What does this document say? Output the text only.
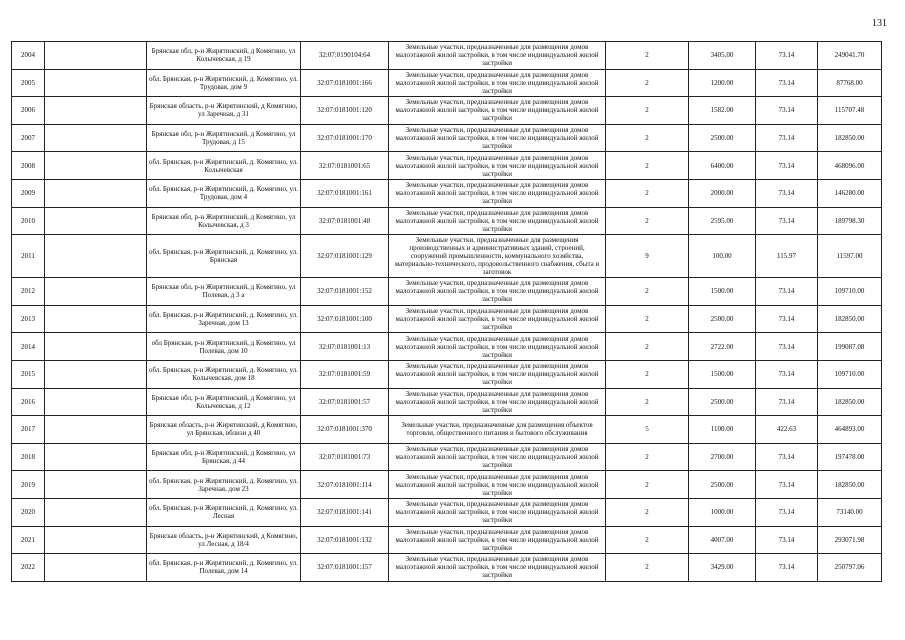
131
2004		Брянская обл, р-н Жирятинский, д Комягино, ул Колычевская, д 19	32:07:0190104:64	Земельные участки, предназначенные для размещения домов малоэтажной жилой застройки, в том числе индивидуальной жилой застройки	2	3405.00	73.14	249041.70
2005		обл. Брянская, р-н Жирятинский, д. Комягино, ул. Трудовая, дом 9	32:07:0181001:166	Земельные участки, предназначенные для размещения домов малоэтажной жилой застройки, в том числе индивидуальной жилой застройки	2	1200.00	73.14	87768.00
2006		Брянская область, р-н Жирятинский, д Комягино, ул Заречная, д 31	32:07:0181001:120	Земельные участки, предназначенные для размещения домов малоэтажной жилой застройки, в том числе индивидуальной жилой застройки	2	1582.00	73.14	115707.48
2007		Брянская обл, р-н Жирятинский, д Комягино, ул Трудовая, д 15	32:07:0181001:170	Земельные участки, предназначенные для размещения домов малоэтажной жилой застройки, в том числе индивидуальной жилой застройки	2	2500.00	73.14	182850.00
2008		обл. Брянская, р-н Жирятинский, д. Комягино, ул. Колычевская	32:07:0181001:65	Земельные участки, предназначенные для размещения домов малоэтажной жилой застройки, в том числе индивидуальной жилой застройки	2	6400.00	73.14	468096.00
2009		обл. Брянская, р-н Жирятинский, д. Комягино, ул. Трудовая, дом 4	32:07:0181001:161	Земельные участки, предназначенные для размещения домов малоэтажной жилой застройки, в том числе индивидуальной жилой застройки	2	2000.00	73.14	146280.00
2010		Брянская обл, р-н Жирятинский, д Комягино, ул Колычевская, д 3	32:07:0181001:48	Земельные участки, предназначенные для размещения домов малоэтажной жилой застройки, в том числе индивидуальной жилой застройки	2	2595.00	73.14	189798.30
2011		обл. Брянская, р-н Жирятинский, д. Комягино, ул. Брянская	32:07:0181001:129	Земельные участки, предназначенные для размещения производственных и административных зданий, строений, сооружений промышленности, коммунального хозяйства, материально-технического, продовольственного снабжения, сбыта и заготовок	9	100.00	115.97	11597.00
2012		Брянская обл, р-н Жирятинский, д Комягино, ул Полевая, д 3 а	32:07:0181001:152	Земельные участки, предназначенные для размещения домов малоэтажной жилой застройки, в том числе индивидуальной жилой застройки	2	1500.00	73.14	109710.00
2013		обл. Брянская, р-н Жирятинский, д. Комягино, ул. Заречная, дом 13	32:07:0181001:100	Земельные участки, предназначенные для размещения домов малоэтажной жилой застройки, в том числе индивидуальной жилой застройки	2	2500.00	73.14	182850.00
2014		обл Брянская, р-н Жирятинский, д Комягино, ул Полевая, дом 10	32:07:0181001:13	Земельные участки, предназначенные для размещения домов малоэтажной жилой застройки, в том числе индивидуальной жилой застройки	2	2722.00	73.14	199087.08
2015		обл. Брянская, р-н Жирятинский, д. Комягино, ул. Колычевская, дом 18	32:07:0181001:59	Земельные участки, предназначенные для размещения домов малоэтажной жилой застройки, в том числе индивидуальной жилой застройки	2	1500.00	73.14	109710.00
2016		Брянская обл, р-н Жирятинский, д Комягино, ул Колычевская, д 12	32:07:0181001:57	Земельные участки, предназначенные для размещения домов малоэтажной жилой застройки, в том числе индивидуальной жилой застройки	2	2500.00	73.14	182850.00
2017		Брянская область, р-н Жирятинский, д Комягино, ул Брянская, вблизи д 40	32:07:0181001:370	Земельные участки, предназначенные для размещения объектов торговли, общественного питания и бытового обслуживания	5	1100.00	422.63	464893.00
2018		Брянская обл, р-н Жирятинский, д Комягино, ул Брянская, д 44	32:07:0181001:73	Земельные участки, предназначенные для размещения домов малоэтажной жилой застройки, в том числе индивидуальной жилой застройки	2	2700.00	73.14	197478.00
2019		обл. Брянская, р-н Жирятинский, д. Комягино, ул. Заречная, дом 23	32:07:0181001:114	Земельные участки, предназначенные для размещения домов малоэтажной жилой застройки, в том числе индивидуальной жилой застройки	2	2500.00	73.14	182850.00
2020		обл. Брянская, р-н Жирятинский, д. Комягино, ул. Лесная	32:07:0181001:141	Земельные участки, предназначенные для размещения домов малоэтажной жилой застройки, в том числе индивидуальной жилой застройки	2	1000.00	73.14	73140.00
2021		Брянская область, р-н Жирятинский, д Комягино, ул Лесная, д 18/4	32:07:0181001:132	Земельные участки, предназначенные для размещения домов малоэтажной жилой застройки, в том числе индивидуальной жилой застройки	2	4007.00	73.14	293071.98
2022		обл. Брянская, р-н Жирятинский, д. Комягино, ул. Полевая, дом 14	32:07:0181001:157	Земельные участки, предназначенные для размещения домов малоэтажной жилой застройки, в том числе индивидуальной жилой застройки	2	3429.00	73.14	250797.06
